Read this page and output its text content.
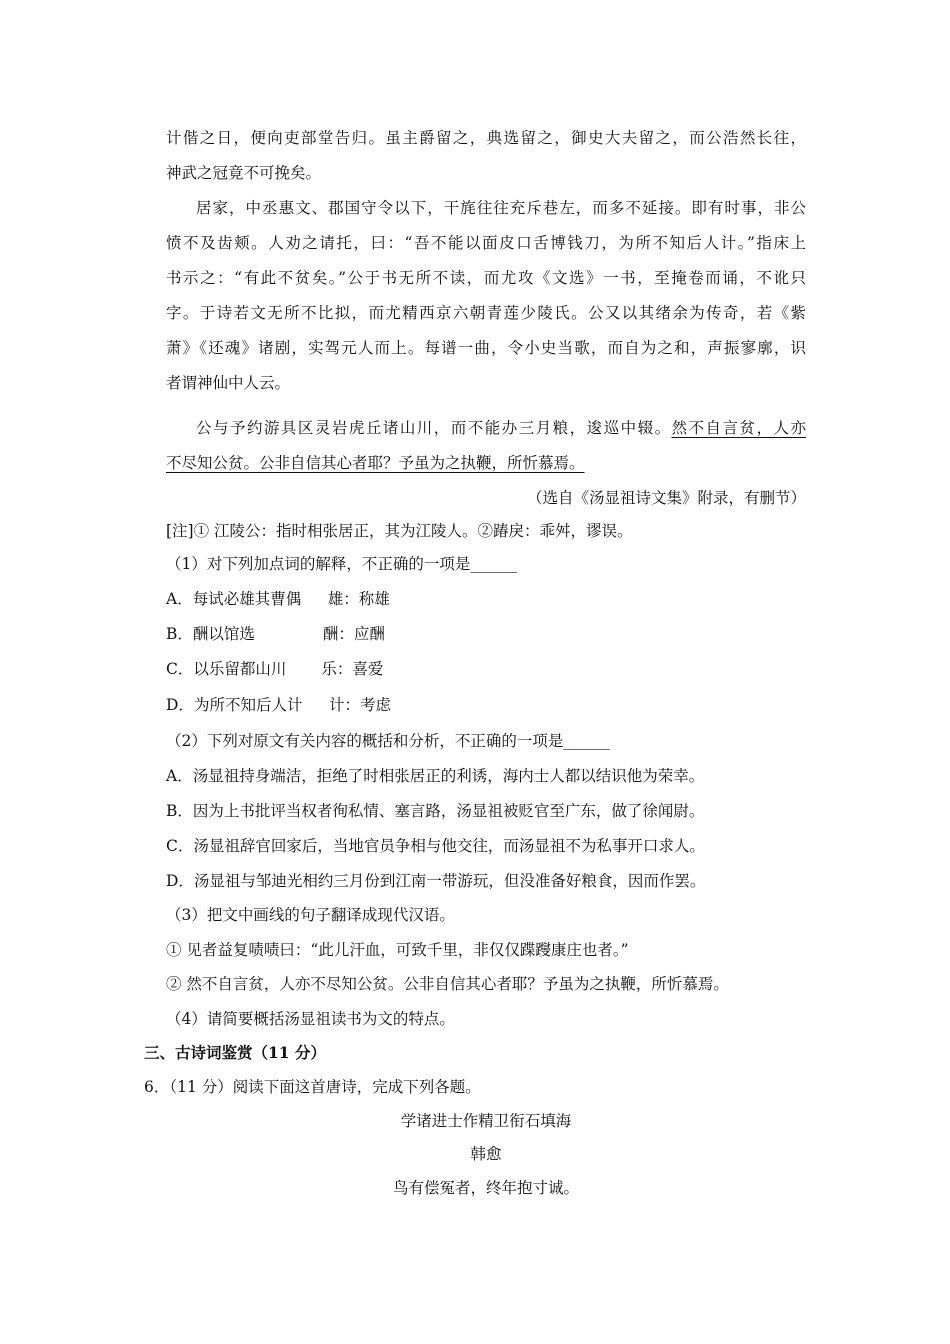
计偕之日，便向吏部堂告归。虽主爵留之，典选留之，御史大夫留之，而公浩然长往，
神武之冠竟不可挽矣。
居家，中丞惠文、郡国守令以下，干旄往往充斥巷左，而多不延接。即有时事，非公
愤不及齿颊。人劝之请托，曰：“吾不能以面皮口舌博钱刀，为所不知后人计。”指床上
书示之：“有此不贫矣。”公于书无所不读，而尤攻《文选》一书，至掩卷而诵，不讹只
字。于诗若文无所不比拟，而尤精西京六朝青莲少陵氏。公又以其绪余为传奇，若《紫
萧》《还魂》诸剧，实驾元人而上。每谱一曲，令小史当歌，而自为之和，声振寥廓，识
者谓神仙中人云。
公与予约游具区灵岩虎丘诸山川，而不能办三月粮，逡巡中辍。然不自言贫，人亦
不尽知公贫。公非自信其心者耶？予虽为之执鞭，所忻慕焉。
（选自《汤显祖诗文集》附录，有删节）
[注]① 江陵公：指时相张居正，其为江陵人。②踳戾：乖舛，谬误。
（1）对下列加点词的解释，不正确的一项是______
A．每试必雄其曹偶 雄：称雄
B．酬以馆选	酬：应酬
C．以乐留都山川 乐：喜爱
D．为所不知后人计 计：考虑
（2）下列对原文有关内容的概括和分析，不正确的一项是______
A．汤显祖持身端洁，拒绝了时相张居正的利诱，海内士人都以结识他为荣幸。
B．因为上书批评当权者徇私情、塞言路，汤显祖被贬官至广东，做了徐闻尉。
C．汤显祖辞官回家后，当地官员争相与他交往，而汤显祖不为私事开口求人。
D．汤显祖与邹迪光相约三月份到江南一带游玩，但没准备好粮食，因而作罢。
（3）把文中画线的句子翻译成现代汉语。
① 见者益复啧啧曰：“此儿汗血，可致千里，非仅仅蹀躞康庄也者。”
② 然不自言贫，人亦不尽知公贫。公非自信其心者耶？予虽为之执鞭，所忻慕焉。
（4）请简要概括汤显祖读书为文的特点。
三、古诗词鉴赏（11 分）
6．（11 分）阅读下面这首唐诗，完成下列各题。
学诸进士作精卫衔石填海
韩愈
鸟有偿冤者，终年抱寸诚。
